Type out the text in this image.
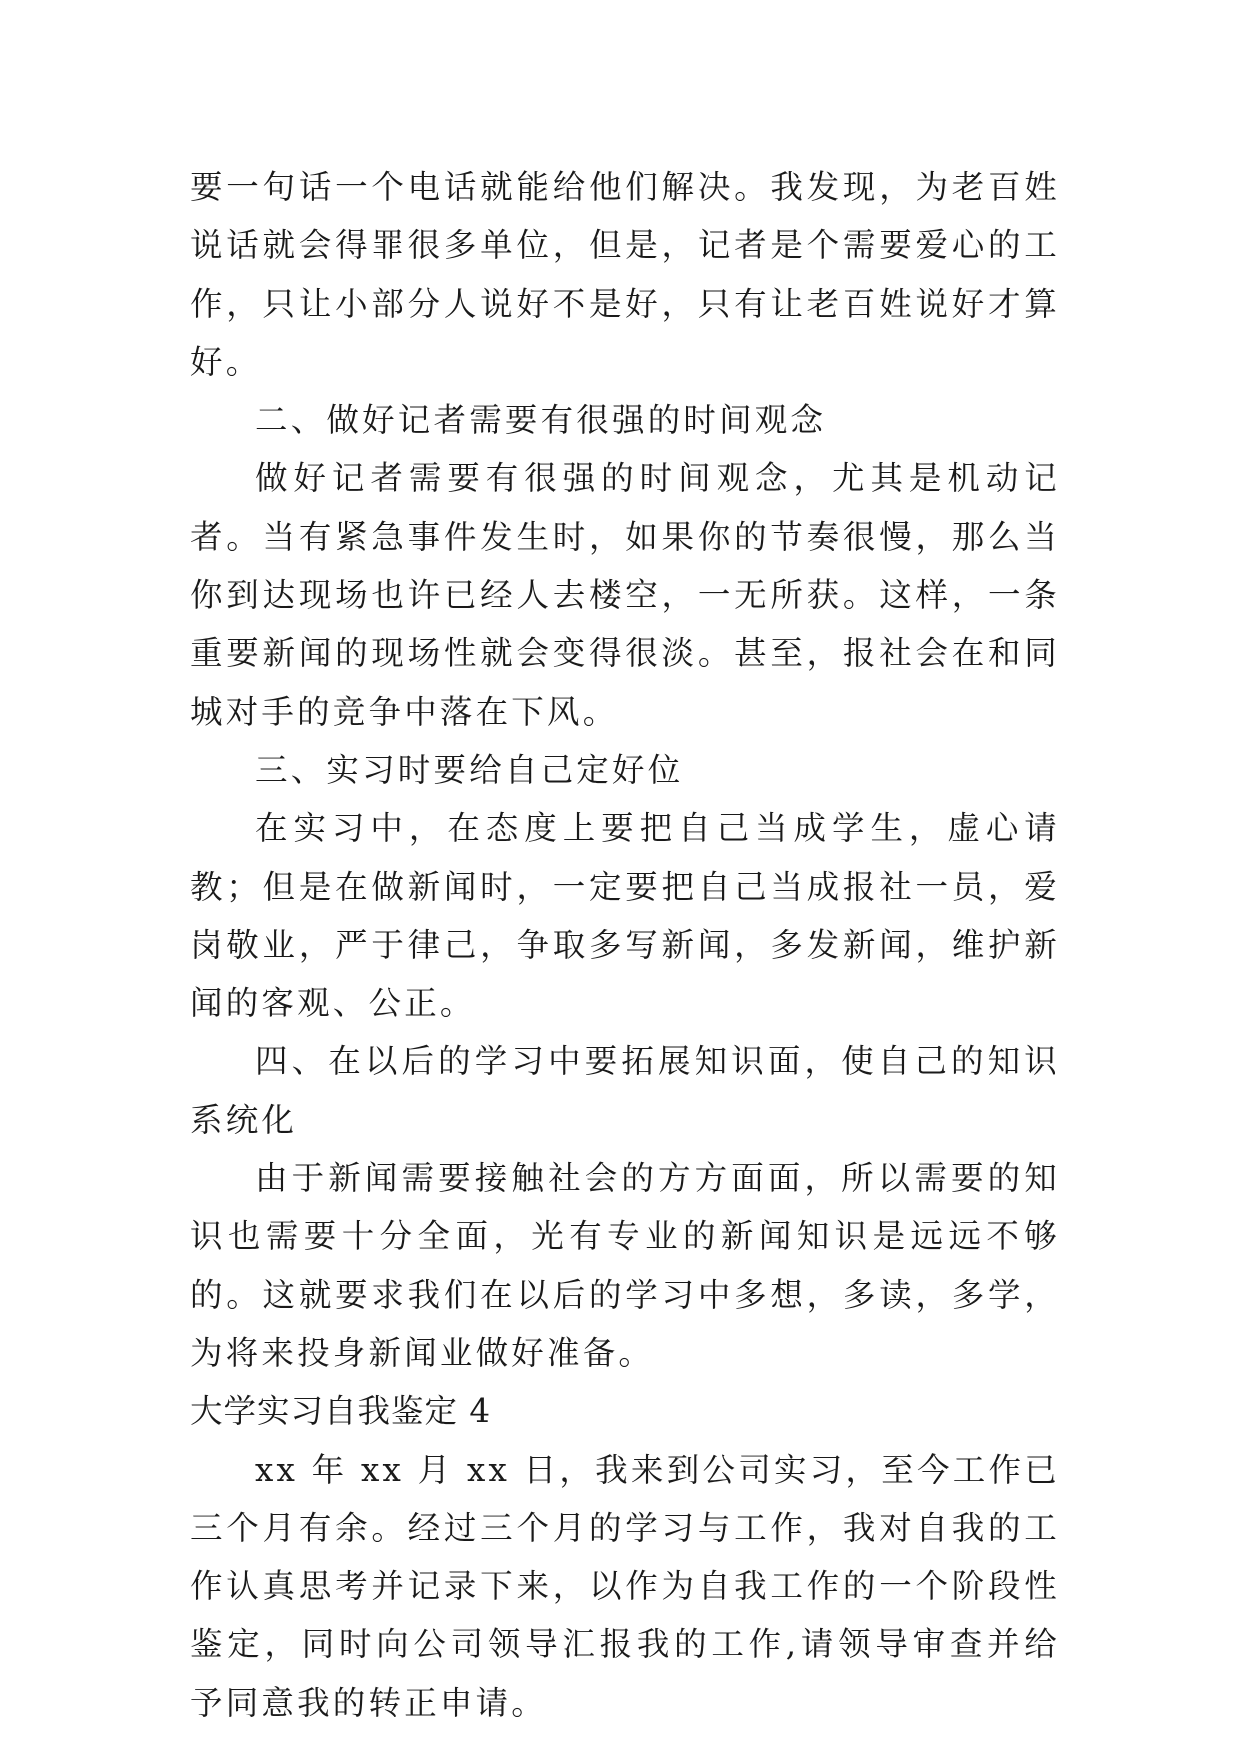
要一句话一个电话就能给他们解决。我发现，为老百姓说话就会得罪很多单位，但是，记者是个需要爱心的工作，只让小部分人说好不是好，只有让老百姓说好才算好。

二、做好记者需要有很强的时间观念

做好记者需要有很强的时间观念，尤其是机动记者。当有紧急事件发生时，如果你的节奏很慢，那么当你到达现场也许已经人去楼空，一无所获。这样，一条重要新闻的现场性就会变得很淡。甚至，报社会在和同城对手的竞争中落在下风。

三、实习时要给自己定好位

在实习中，在态度上要把自己当成学生，虚心请教；但是在做新闻时，一定要把自己当成报社一员，爱岗敬业，严于律己，争取多写新闻，多发新闻，维护新闻的客观、公正。

四、在以后的学习中要拓展知识面，使自己的知识系统化

由于新闻需要接触社会的方方面面，所以需要的知识也需要十分全面，光有专业的新闻知识是远远不够的。这就要求我们在以后的学习中多想，多读，多学，为将来投身新闻业做好准备。

大学实习自我鉴定 4

xx 年 xx 月 xx 日，我来到公司实习，至今工作已三个月有余。经过三个月的学习与工作，我对自我的工作认真思考并记录下来，以作为自我工作的一个阶段性鉴定，同时向公司领导汇报我的工作,请领导审查并给予同意我的转正申请。
